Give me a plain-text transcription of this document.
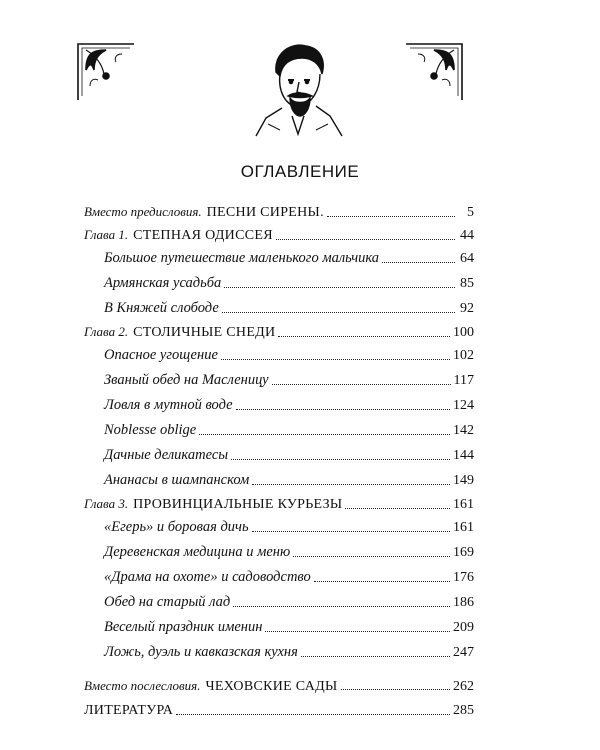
ОГЛАВЛЕНИЕ
Вместо предисловия. ПЕСНИ СИРЕНЫ.	5
Глава 1. СТЕПНАЯ ОДИССЕЯ	44
Большое путешествие маленького мальчика	64
Армянская усадьба	85
В Княжей слободе	92
Глава 2. СТОЛИЧНЫЕ СНЕДИ	100
Опасное угощение	102
Званый обед на Масленицу	117
Ловля в мутной воде	124
Noblesse oblige	142
Дачные деликатесы	144
Ананасы в шампанском	149
Глава 3. ПРОВИНЦИАЛЬНЫЕ КУРЬЕЗЫ	161
«Егерь» и боровая дичь	161
Деревенская медицина и меню	169
«Драма на охоте» и садоводство	176
Обед на старый лад	186
Веселый праздник именин	209
Ложь, дуэль и кавказская кухня	247
Вместо послесловия. ЧЕХОВСКИЕ САДЫ	262
ЛИТЕРАТУРА	285
